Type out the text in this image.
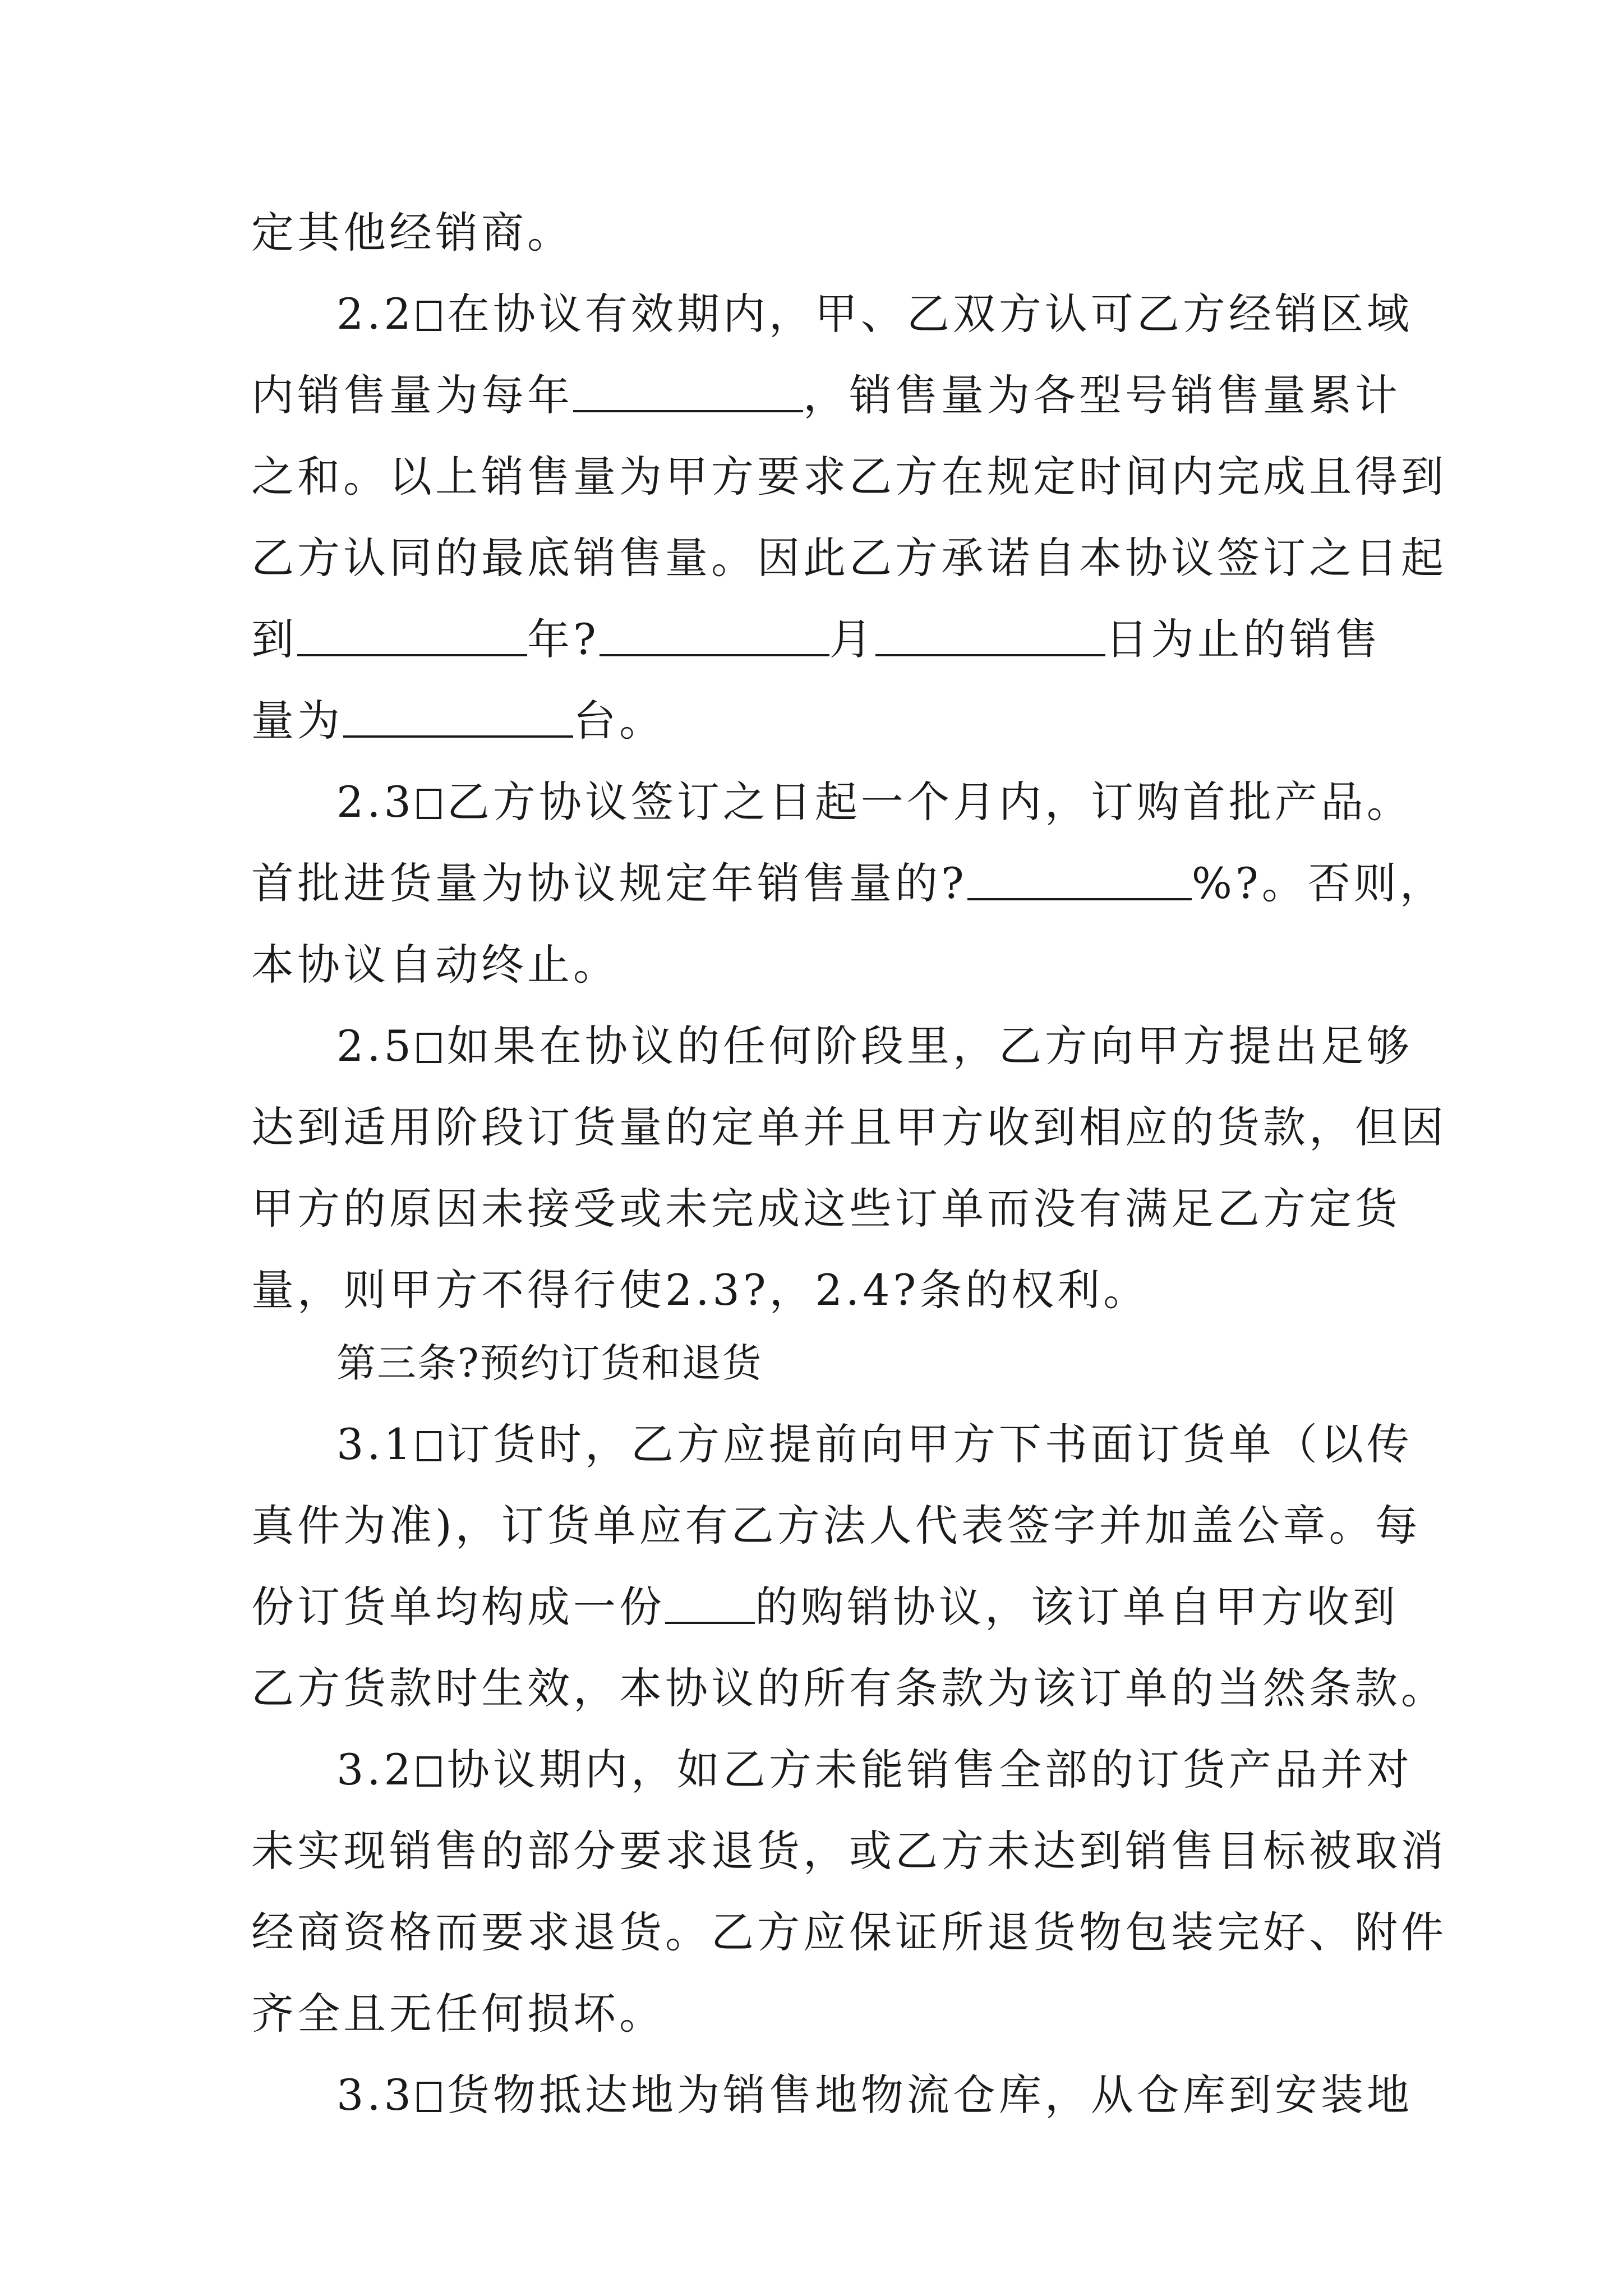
定其他经销商。
2.2 在协议有效期内，甲、乙双方认可乙方经销区域
内销售量为每年	，销售量为各型号销售量累计
之和。以上销售量为甲方要求乙方在规定时间内完成且得到
乙方认同的最底销售量。因此乙方承诺自本协议签订之日起
到	年?	月	日为止的销售
量为	台。
2.3 乙方协议签订之日起一个月内，订购首批产品。
首批进货量为协议规定年销售量的?	%?。否则，
本协议自动终止。
2.5 如果在协议的任何阶段里，乙方向甲方提出足够
达到适用阶段订货量的定单并且甲方收到相应的货款，但因
甲方的原因未接受或未完成这些订单而没有满足乙方定货
量，则甲方不得行使2.3?，2.4?条的权利。
第三条?预约订货和退货
3.1 订货时，乙方应提前向甲方下书面订货单（以传
真件为准)，订货单应有乙方法人代表签字并加盖公章。每
份订货单均构成一份 的购销协议，该订单自甲方收到
乙方货款时生效，本协议的所有条款为该订单的当然条款。
3.2 协议期内，如乙方未能销售全部的订货产品并对
未实现销售的部分要求退货，或乙方未达到销售目标被取消
经商资格而要求退货。乙方应保证所退货物包装完好、附件
齐全且无任何损坏。
3.3 货物抵达地为销售地物流仓库，从仓库到安装地
